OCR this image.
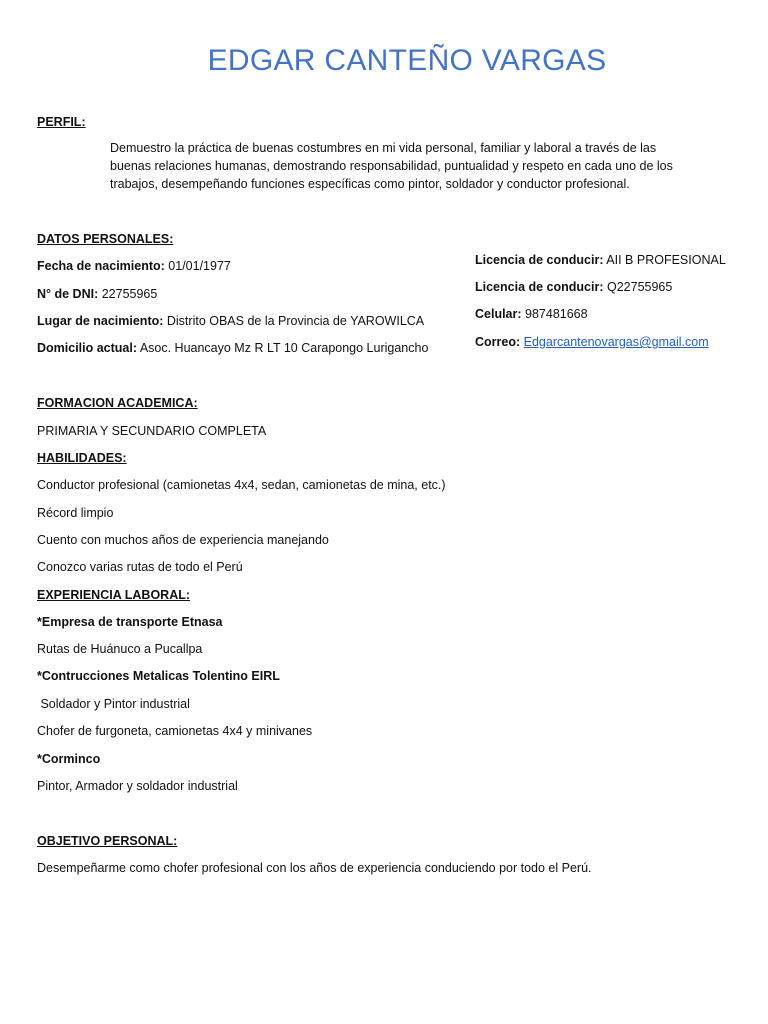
EDGAR CANTEÑO VARGAS
PERFIL:
Demuestro la práctica de buenas costumbres en mi vida personal, familiar y laboral a través de las
buenas relaciones humanas, demostrando responsabilidad, puntualidad y respeto en cada uno de los
trabajos, desempeñando funciones específicas como pintor, soldador y conductor profesional.
DATOS PERSONALES:
Fecha de nacimiento: 01/01/1977
N° de DNI: 22755965
Lugar de nacimiento: Distrito OBAS de la Provincia de YAROWILCA
Domicilio actual: Asoc. Huancayo Mz R LT 10 Carapongo Lurigancho
Licencia de conducir: AII B PROFESIONAL
Licencia de conducir: Q22755965
Celular: 987481668
Correo: Edgarcantenovargas@gmail.com
FORMACION ACADEMICA:
PRIMARIA Y SECUNDARIO COMPLETA
HABILIDADES:
Conductor profesional (camionetas 4x4, sedan, camionetas de mina, etc.)
Récord limpio
Cuento con muchos años de experiencia manejando
Conozco varias rutas de todo el Perú
EXPERIENCIA LABORAL:
*Empresa de transporte Etnasa
Rutas de Huánuco a Pucallpa
*Contrucciones Metalicas Tolentino EIRL
Soldador y Pintor industrial
Chofer de furgoneta, camionetas 4x4 y minivanes
*Corminco
Pintor, Armador y soldador industrial
OBJETIVO PERSONAL:
Desempeñarme como chofer profesional con los años de experiencia conduciendo por todo el Perú.
